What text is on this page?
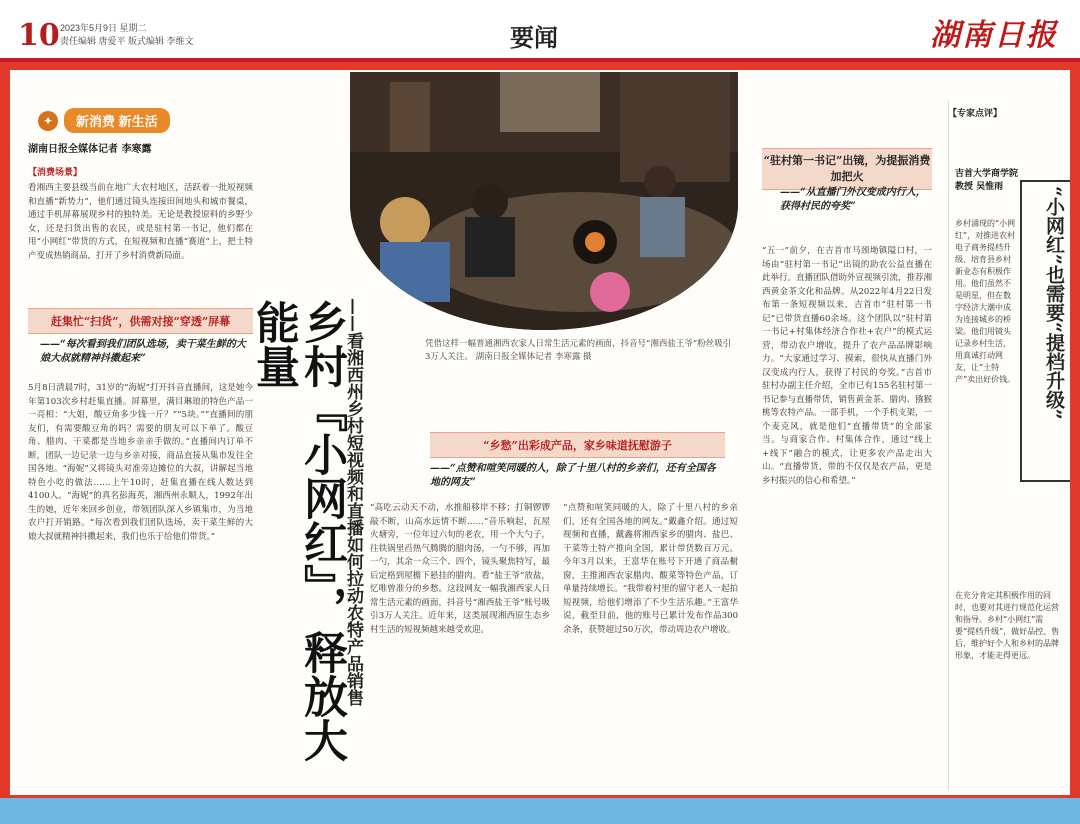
10 2023年5月9日 星期二
责任编辑 唐爱平 版式编辑 李维文	要闻	湖南日报
✦	新消费 新生活
湖南日报全媒体记者 李寒露
【消费场景】
看湘西主要县级当前在地广大农村地区，活跃着一批短视频和直播“新势力”，他们通过镜头连接田间地头和城市餐桌，通过手机屏幕展现乡村的独特美。无论是教授原料的乡野少女，还是扫货出售的农民，或是驻村第一书记，他们都在用“小网红”带货的方式，在短视频和直播“赛道”上，把土特产变成热销商品，打开了乡村消费新局面。
赶集忙“扫货”，供需对接“穿透”屏幕
——“每次看到我们团队选场，卖干菜生鲜的大娘大叔就精神抖擞起来”
5月8日清晨7时，31岁的“海妮”打开抖音直播间，这是她今年第103次乡村赶集直播。屏幕里，满目琳琅的特色产品一一亮相：“大姐，酸豆角多少钱一斤？”“5块。”“直播间的朋友们，有需要酸豆角的吗？需要的朋友可以下单了。酸豆角、腊肉、干菜都是当地乡亲亲手做的。”直播间内订单不断，团队一边记录一边与乡亲对接，商品直接从集市发往全国各地。“海妮”又将镜头对准旁边摊位的大叔，讲解起当地特色小吃的做法……上午10时，赶集直播在线人数达到4100人。“海妮”的真名彭海英，湘西州永顺人，1992年出生的她，近年来回乡创业，带领团队深入乡镇集市，为当地农户打开销路。“每次看到我们团队选场，卖干菜生鲜的大娘大叔就精神抖擞起来，我们也乐于给他们带货。”	乡村『小网红』，释放大能量	——看湘西州乡村短视频和直播如何拉动农特产品销售	凭借这样一幅普通湘西农家人日常生活元素的画面，抖音号“湘西盐王爷”粉丝吸引3万人关注。 湖南日报全媒体记者 李寒露 摄
“乡愁”出彩成产品，家乡味道抚慰游子
——“点赞和喧笑同暖的人，除了十里八村的乡亲们，还有全国各地的网友”
“高吃云动天不动，水推船移岸不移；打铜锣锣敲不断，山高水远情不断……”音乐响起，瓦屋火塘旁，一位年过六旬的老农，用一个大勺子，往铁锅里舀热气腾腾的腊肉汤，一勺不够，再加一勺，其余一众三个、四个，镜头聚焦特写，最后定格到屋檐下悬挂的腊肉。看“盐王爷”放盐，忆唯曾准分的乡愁。这段网友一幅我湘西家人日常生活元素的画面，抖音号“湘西盐王爷”账号吸引3万人关注。近年来，这类展现湘西原生态乡村生活的短视频越来越受欢迎。
“点赞和喧笑同暖的人，除了十里八村的乡亲们，还有全国各地的网友。”戴鑫介绍。通过短视频和直播，戴鑫将湘西家乡的腊肉、盐巴、干菜等土特产推向全国，累计带货数百万元。今年3月以来，王富华在账号下开通了商品橱窗，主推湘西农家腊肉、酸菜等特色产品，订单量持续增长。“我带着村里的留守老人一起拍短视频，给他们增添了不少生活乐趣。”王富华说，截至目前，他的账号已累计发布作品300余条，获赞超过50万次，带动周边农户增收。
“驻村第一书记”出镜，为提振消费加把火
——“从直播门外汉变成内行人，获得村民的夸奖”
“五一”前夕，在吉首市马颈坳镇隘口村，一场由“驻村第一书记”出镜的助农公益直播在此举行。直播团队借助外宣视频引流，推荐湘西黄金茶文化和品牌。从2022年4月22日发布第一条短视频以来，吉首市“驻村第一书记”已带货直播60余场。这个团队以“驻村第一书记+村集体经济合作社+农户”的模式运营，带动农户增收，提升了农产品品牌影响力。“大家通过学习、摸索，很快从直播门外汉变成内行人，获得了村民的夸奖。”吉首市驻村办副主任介绍，全市已有155名驻村第一书记参与直播带货，销售黄金茶、腊肉、猕猴桃等农特产品。一部手机，一个手机支架，一个麦克风，就是他们“直播带货”的全部家当。与商家合作、村集体合作，通过“线上+线下”融合的模式，让更多农产品走出大山。“直播带货，带的不仅仅是农产品，更是乡村振兴的信心和希望。”
【专家点评】
吉首大学商学院
教授 吴惟雨	“小网红”也需要“提档升级”
乡村涌现的“小网红”，对推进农村电子商务提档升级、培育县乡村新业态有积极作用。他们虽然不是明星，但在数字经济大潮中成为连接城乡的桥梁。他们用镜头记录乡村生活，用真诚打动网友，让“土特产”卖出好价钱。
在充分肯定其积极作用的同时，也要对其进行规范化运营和指导。乡村“小网红”需要“提档升级”，做好品控、售后，维护好个人和乡村的品牌形象，才能走得更远。
